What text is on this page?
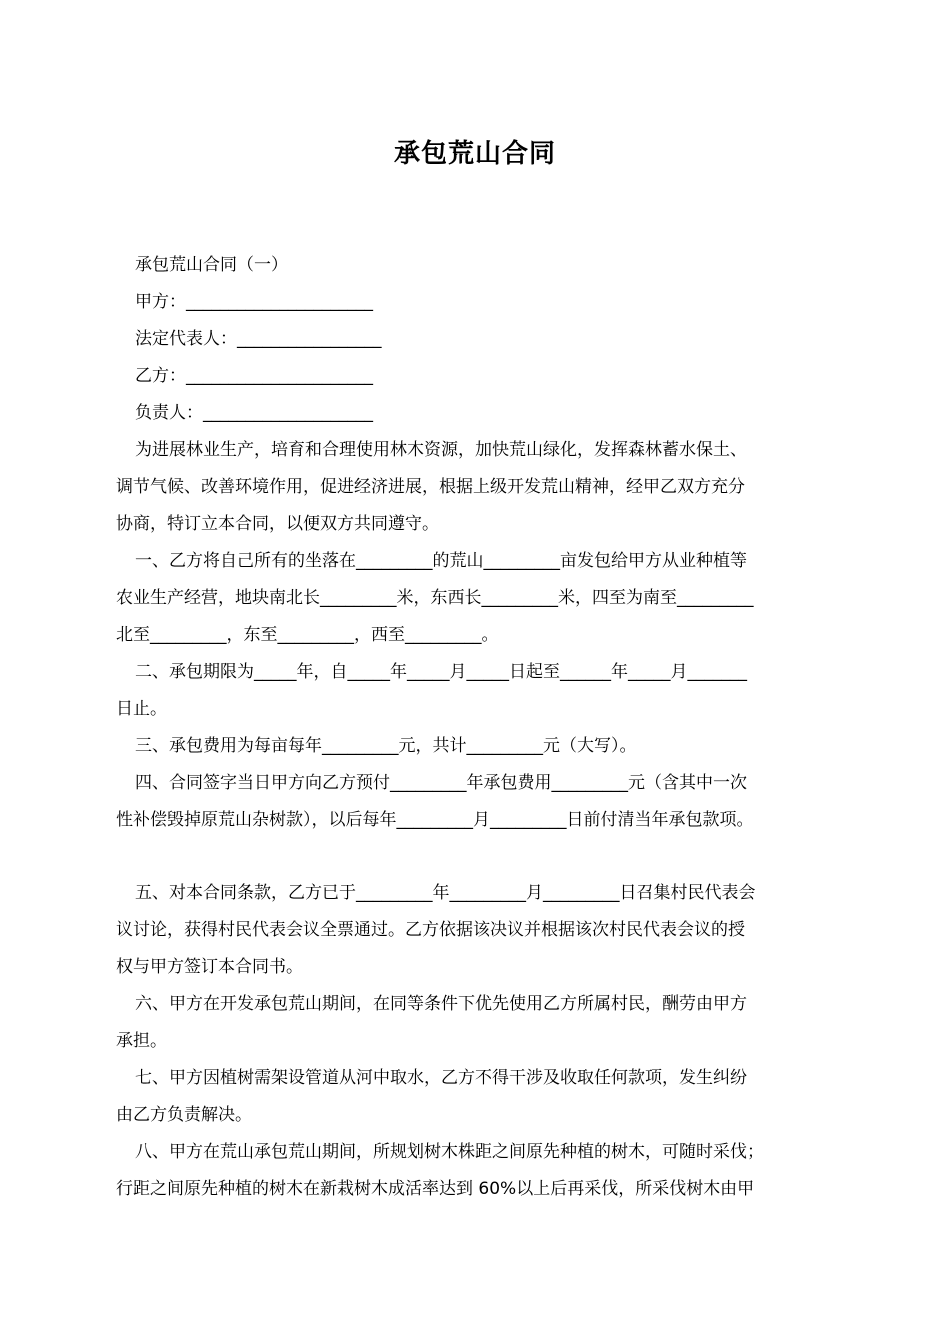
承包荒山合同
承包荒山合同（一）
甲方：______________________
法定代表人：_________________
乙方：______________________
负责人：____________________
为进展林业生产，培育和合理使用林木资源，加快荒山绿化，发挥森林蓄水保土、
调节气候、改善环境作用，促进经济进展，根据上级开发荒山精神，经甲乙双方充分
协商，特订立本合同，以便双方共同遵守。
一、乙方将自己所有的坐落在_________的荒山_________亩发包给甲方从业种植等
农业生产经营，地块南北长_________米，东西长_________米，四至为南至_________
北至_________，东至_________，西至_________。
二、承包期限为_____年，自_____年_____月_____日起至______年_____月_______
日止。
三、承包费用为每亩每年_________元，共计_________元（大写）。
四、合同签字当日甲方向乙方预付_________年承包费用_________元（含其中一次
性补偿毁掉原荒山杂树款），以后每年_________月_________日前付清当年承包款项。
五、对本合同条款，乙方已于_________年_________月_________日召集村民代表会
议讨论，获得村民代表会议全票通过。乙方依据该决议并根据该次村民代表会议的授
权与甲方签订本合同书。
六、甲方在开发承包荒山期间，在同等条件下优先使用乙方所属村民，酬劳由甲方
承担。
七、甲方因植树需架设管道从河中取水，乙方不得干涉及收取任何款项，发生纠纷
由乙方负责解决。
八、甲方在荒山承包荒山期间，所规划树木株距之间原先种植的树木，可随时采伐；
行距之间原先种植的树木在新栽树木成活率达到 60%以上后再采伐，所采伐树木由甲
